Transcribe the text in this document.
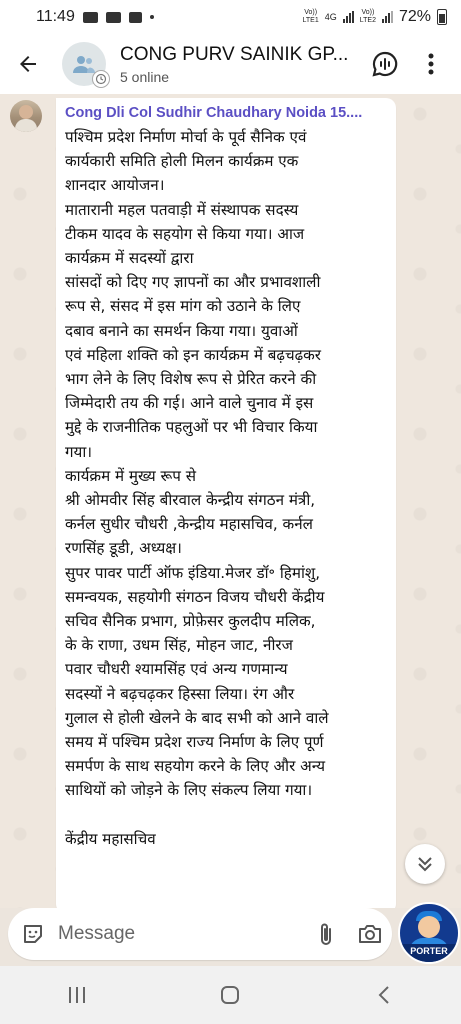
11:49	Vo))
LTE1 4G	Vo))
LTE2 72%
CONG PURV SAINIK GP...
5 online
Cong Dli Col Sudhir Chaudhary Noida 15....
पश्चिम प्रदेश निर्माण मोर्चा के पूर्व सैनिक एवं
कार्यकारी समिति होली मिलन कार्यक्रम एक
शानदार आयोजन।
मातारानी महल पतवाड़ी में संस्थापक सदस्य
टीकम यादव के सहयोग से किया गया। आज
कार्यक्रम में सदस्यों द्वारा
सांसदों को दिए गए ज्ञापनों का और प्रभावशाली
रूप से, संसद में इस मांग को उठाने के लिए
दबाव बनाने का समर्थन किया गया। युवाओं
एवं महिला शक्ति को इन कार्यक्रम में बढ़चढ़कर
भाग लेने के लिए विशेष रूप से प्रेरित करने की
जिम्मेदारी तय की गई। आने वाले चुनाव में इस
मुद्दे के राजनीतिक पहलुओं पर भी विचार किया
गया।
कार्यक्रम में मुख्य रूप से
श्री ओमवीर सिंह बीरवाल केन्द्रीय संगठन मंत्री,
कर्नल सुधीर चौधरी ,केन्द्रीय महासचिव, कर्नल
रणसिंह डूडी, अध्यक्ष।
सुपर पावर पार्टी ऑफ इंडिया.मेजर डॉ॰ हिमांशु,
समन्वयक, सहयोगी संगठन विजय चौधरी केंद्रीय
सचिव सैनिक प्रभाग, प्रोफ़ेसर कुलदीप मलिक,
के के राणा, उधम सिंह, मोहन जाट, नीरज
पवार चौधरी श्यामसिंह एवं अन्य गणमान्य
सदस्यों ने बढ़चढ़कर हिस्सा लिया। रंग और
गुलाल से होली खेलने के बाद सभी को आने वाले
समय में पश्चिम प्रदेश राज्य निर्माण के लिए पूर्ण
समर्पण के साथ सहयोग करने के लिए और अन्य
साथियों को जोड़ने के लिए संकल्प लिया गया।

केंद्रीय महासचिव
Message
PORTER
